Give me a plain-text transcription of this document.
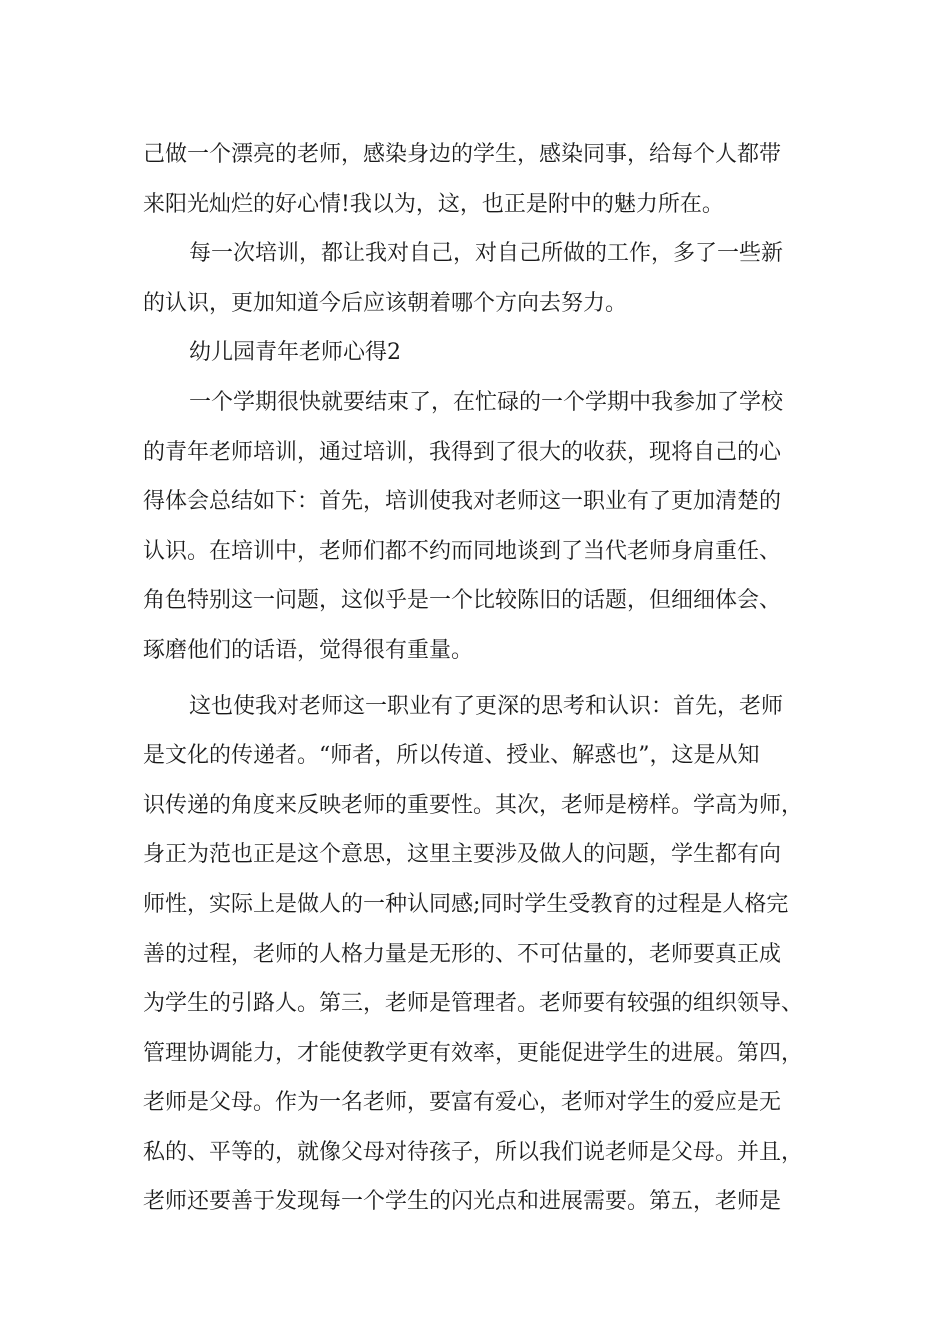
己做一个漂亮的老师，感染身边的学生，感染同事，给每个人都带
来阳光灿烂的好心情!我以为，这，也正是附中的魅力所在。
每一次培训，都让我对自己，对自己所做的工作，多了一些新
的认识，更加知道今后应该朝着哪个方向去努力。
幼儿园青年老师心得2
一个学期很快就要结束了，在忙碌的一个学期中我参加了学校
的青年老师培训，通过培训，我得到了很大的收获，现将自己的心
得体会总结如下：首先，培训使我对老师这一职业有了更加清楚的
认识。在培训中，老师们都不约而同地谈到了当代老师身肩重任、
角色特别这一问题，这似乎是一个比较陈旧的话题，但细细体会、
琢磨他们的话语，觉得很有重量。
这也使我对老师这一职业有了更深的思考和认识：首先，老师
是文化的传递者。“师者，所以传道、授业、解惑也”，这是从知
识传递的角度来反映老师的重要性。其次，老师是榜样。学高为师，
身正为范也正是这个意思，这里主要涉及做人的问题，学生都有向
师性，实际上是做人的一种认同感;同时学生受教育的过程是人格完
善的过程，老师的人格力量是无形的、不可估量的，老师要真正成
为学生的引路人。第三，老师是管理者。老师要有较强的组织领导、
管理协调能力，才能使教学更有效率，更能促进学生的进展。第四，
老师是父母。作为一名老师，要富有爱心，老师对学生的爱应是无
私的、平等的，就像父母对待孩子，所以我们说老师是父母。并且，
老师还要善于发现每一个学生的闪光点和进展需要。第五，老师是
